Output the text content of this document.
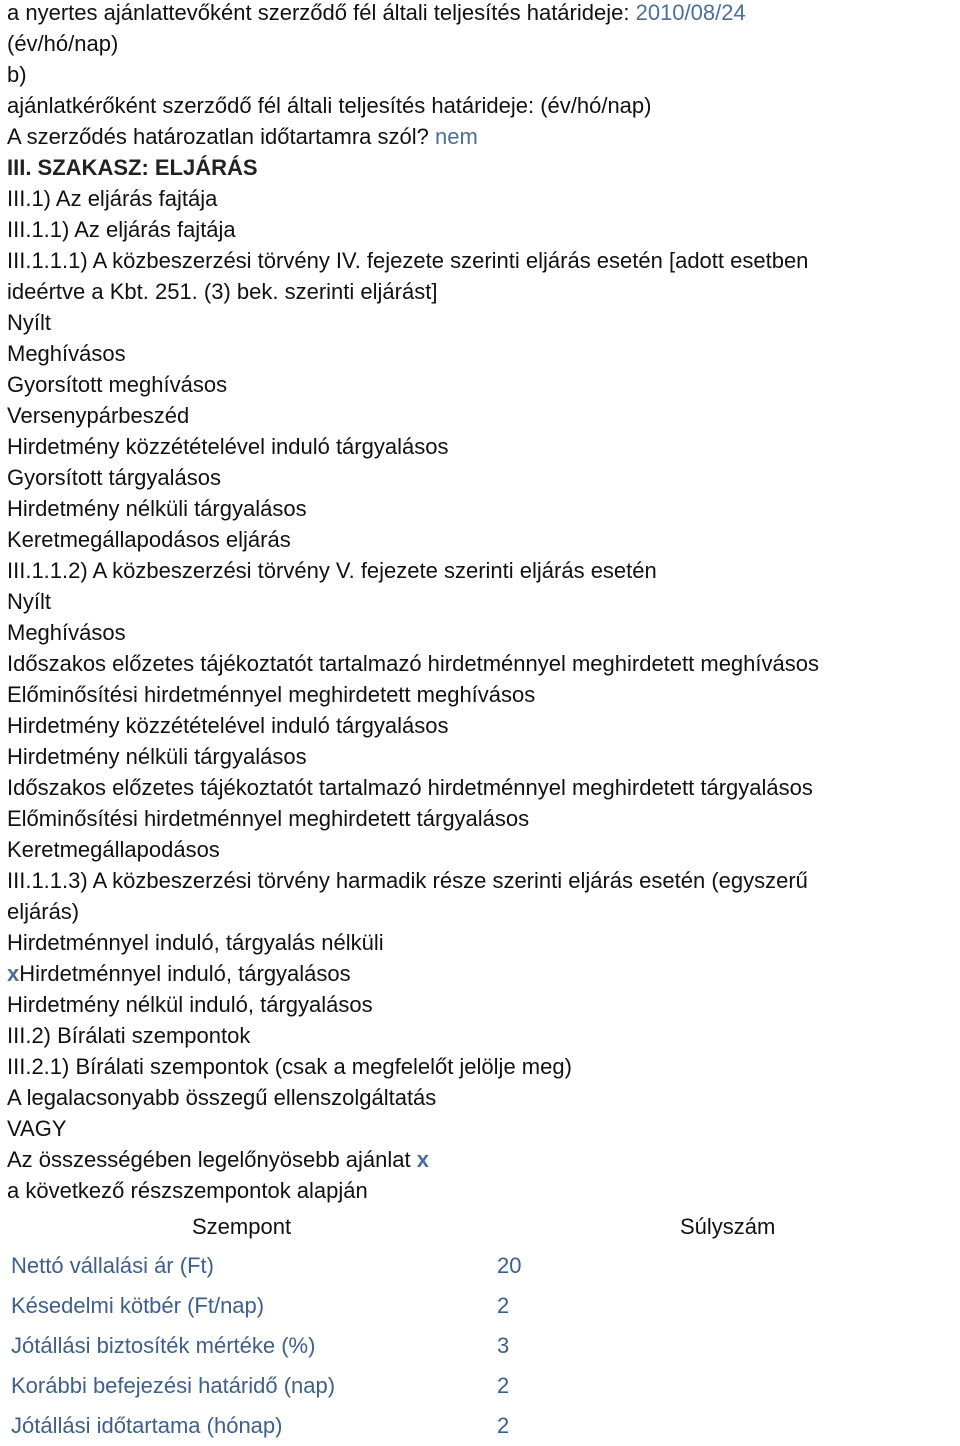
a nyertes ajánlattevőként szerződő fél általi teljesítés határideje: 2010/08/24
(év/hó/nap)
b)
ajánlatkérőként szerződő fél általi teljesítés határideje: (év/hó/nap)
A szerződés határozatlan időtartamra szól? nem
III. SZAKASZ: ELJÁRÁS
III.1) Az eljárás fajtája
III.1.1) Az eljárás fajtája
III.1.1.1) A közbeszerzési törvény IV. fejezete szerinti eljárás esetén [adott esetben
ideértve a Kbt. 251. (3) bek. szerinti eljárást]
Nyílt
Meghívásos
Gyorsított meghívásos
Versenypárbeszéd
Hirdetmény közzétételével induló tárgyalásos
Gyorsított tárgyalásos
Hirdetmény nélküli tárgyalásos
Keretmegállapodásos eljárás
III.1.1.2) A közbeszerzési törvény V. fejezete szerinti eljárás esetén
Nyílt
Meghívásos
Időszakos előzetes tájékoztatót tartalmazó hirdetménnyel meghirdetett meghívásos
Előminősítési hirdetménnyel meghirdetett meghívásos
Hirdetmény közzétételével induló tárgyalásos
Hirdetmény nélküli tárgyalásos
Időszakos előzetes tájékoztatót tartalmazó hirdetménnyel meghirdetett tárgyalásos
Előminősítési hirdetménnyel meghirdetett tárgyalásos
Keretmegállapodásos
III.1.1.3) A közbeszerzési törvény harmadik része szerinti eljárás esetén (egyszerű
eljárás)
Hirdetménnyel induló, tárgyalás nélküli
xHirdetménnyel induló, tárgyalásos
Hirdetmény nélkül induló, tárgyalásos
III.2) Bírálati szempontok
III.2.1) Bírálati szempontok (csak a megfelelőt jelölje meg)
A legalacsonyabb összegű ellenszolgáltatás
VAGY
Az összességében legelőnyösebb ajánlat x
a következő részszempontok alapján
Szempont	Súlyszám
Nettó vállalási ár (Ft)	20
Késedelmi kötbér (Ft/nap)	2
Jótállási biztosíték mértéke (%)	3
Korábbi befejezési határidő (nap)	2
Jótállási időtartama (hónap)	2
